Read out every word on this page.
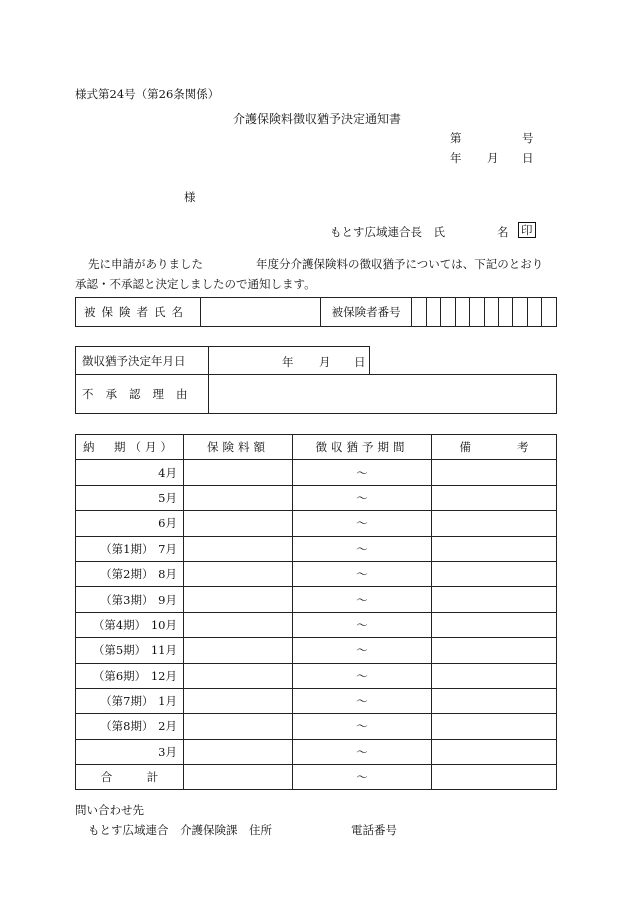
様式第24号（第26条関係）
介護保険料徴収猶予決定通知書
第	号
年 月 日
様
もとす広域連合長　氏	名 印
先に申請がありました	年度分介護保険料の徴収猶予については、下記のとおり
承認・不承認と決定しましたので通知します。
被保険者氏名		被保険者番号										
徴収猶予決定年月日	年 月 日	

不承認理由		
納　期（月）	保険料額	徴収猶予期間	備　　　　考
4月		～	
5月		～	
6月		～	
（第1期） 7月		～	
（第2期） 8月		～	
（第3期） 9月		～	
（第4期） 10月		～	
（第5期） 11月		～	
（第6期） 12月		～	
（第7期） 1月		～	
（第8期） 2月		～	
3月		～	
合　　　計		～	
問い合わせ先
もとす広域連合　介護保険課　住所	電話番号
